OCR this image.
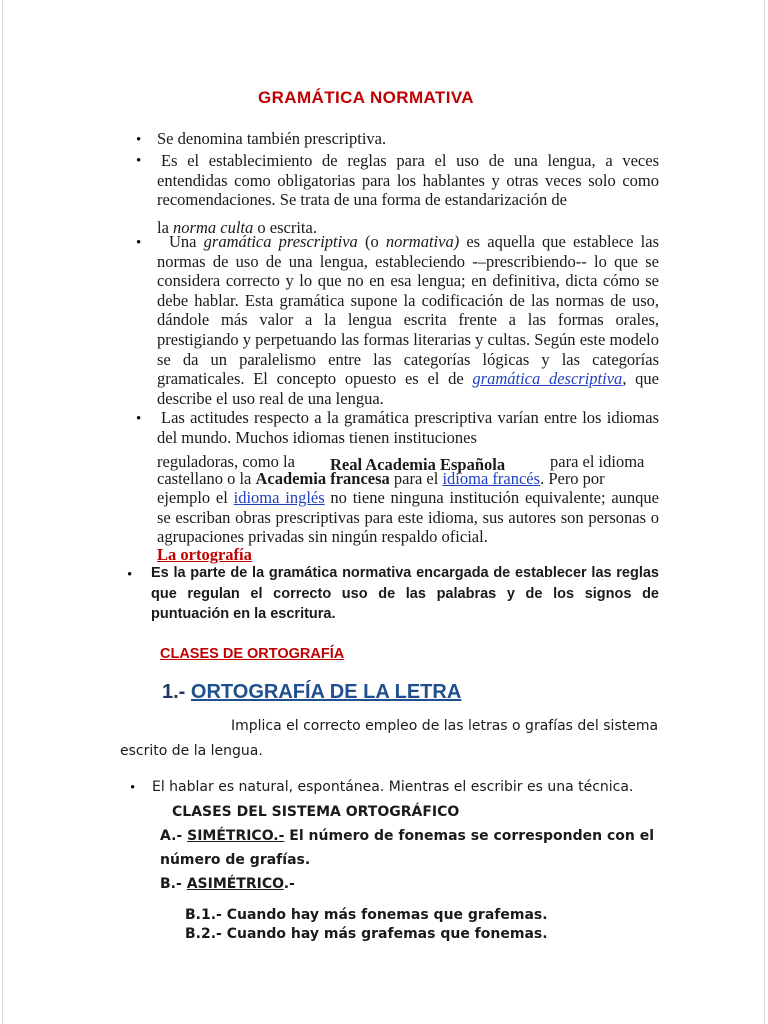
GRAMÁTICA NORMATIVA
• Se denomina también prescriptiva.
• Es el establecimiento de reglas para el uso de una lengua, a veces entendidas como obligatorias para los hablantes y otras veces solo como recomendaciones. Se trata de una forma de estandarización de
la norma culta o escrita.
•	Una gramática prescriptiva (o normativa) es aquella que establece las normas de uso de una lengua, estableciendo -–prescribiendo-- lo que se considera correcto y lo que no en esa lengua; en definitiva, dicta cómo se debe hablar. Esta gramática supone la codificación de las normas de uso, dándole más valor a la lengua escrita frente a las formas orales, prestigiando y perpetuando las formas literarias y cultas. Según este modelo se da un paralelismo entre las categorías lógicas y las categorías gramaticales. El concepto opuesto es el de gramática descriptiva, que describe el uso real de una lengua.
• Las actitudes respecto a la gramática prescriptiva varían entre los idiomas del mundo. Muchos idiomas tienen instituciones
reguladoras, como la Real Academia Española	para el idioma
castellano o la Academia francesa para el idioma francés. Pero por
ejemplo el idioma inglés no tiene ninguna institución equivalente; aunque se escriban obras prescriptivas para este idioma, sus autores son personas o agrupaciones privadas sin ningún respaldo oficial.
La ortografía
• Es la parte de la gramática normativa encargada de establecer las reglas que regulan el correcto uso de las palabras y de los signos de puntuación en la escritura.
CLASES DE ORTOGRAFÍA
1.- ORTOGRAFÍA DE LA LETRA
Implica el correcto empleo de las letras o grafías del sistema
escrito de la lengua.
• El hablar es natural, espontánea. Mientras el escribir es una técnica.
CLASES DEL SISTEMA ORTOGRÁFICO
A.- SIMÉTRICO.- El número de fonemas se corresponden con el
número de grafías.
B.- ASIMÉTRICO.-
B.1.- Cuando hay más fonemas que grafemas.
B.2.- Cuando hay más grafemas que fonemas.
